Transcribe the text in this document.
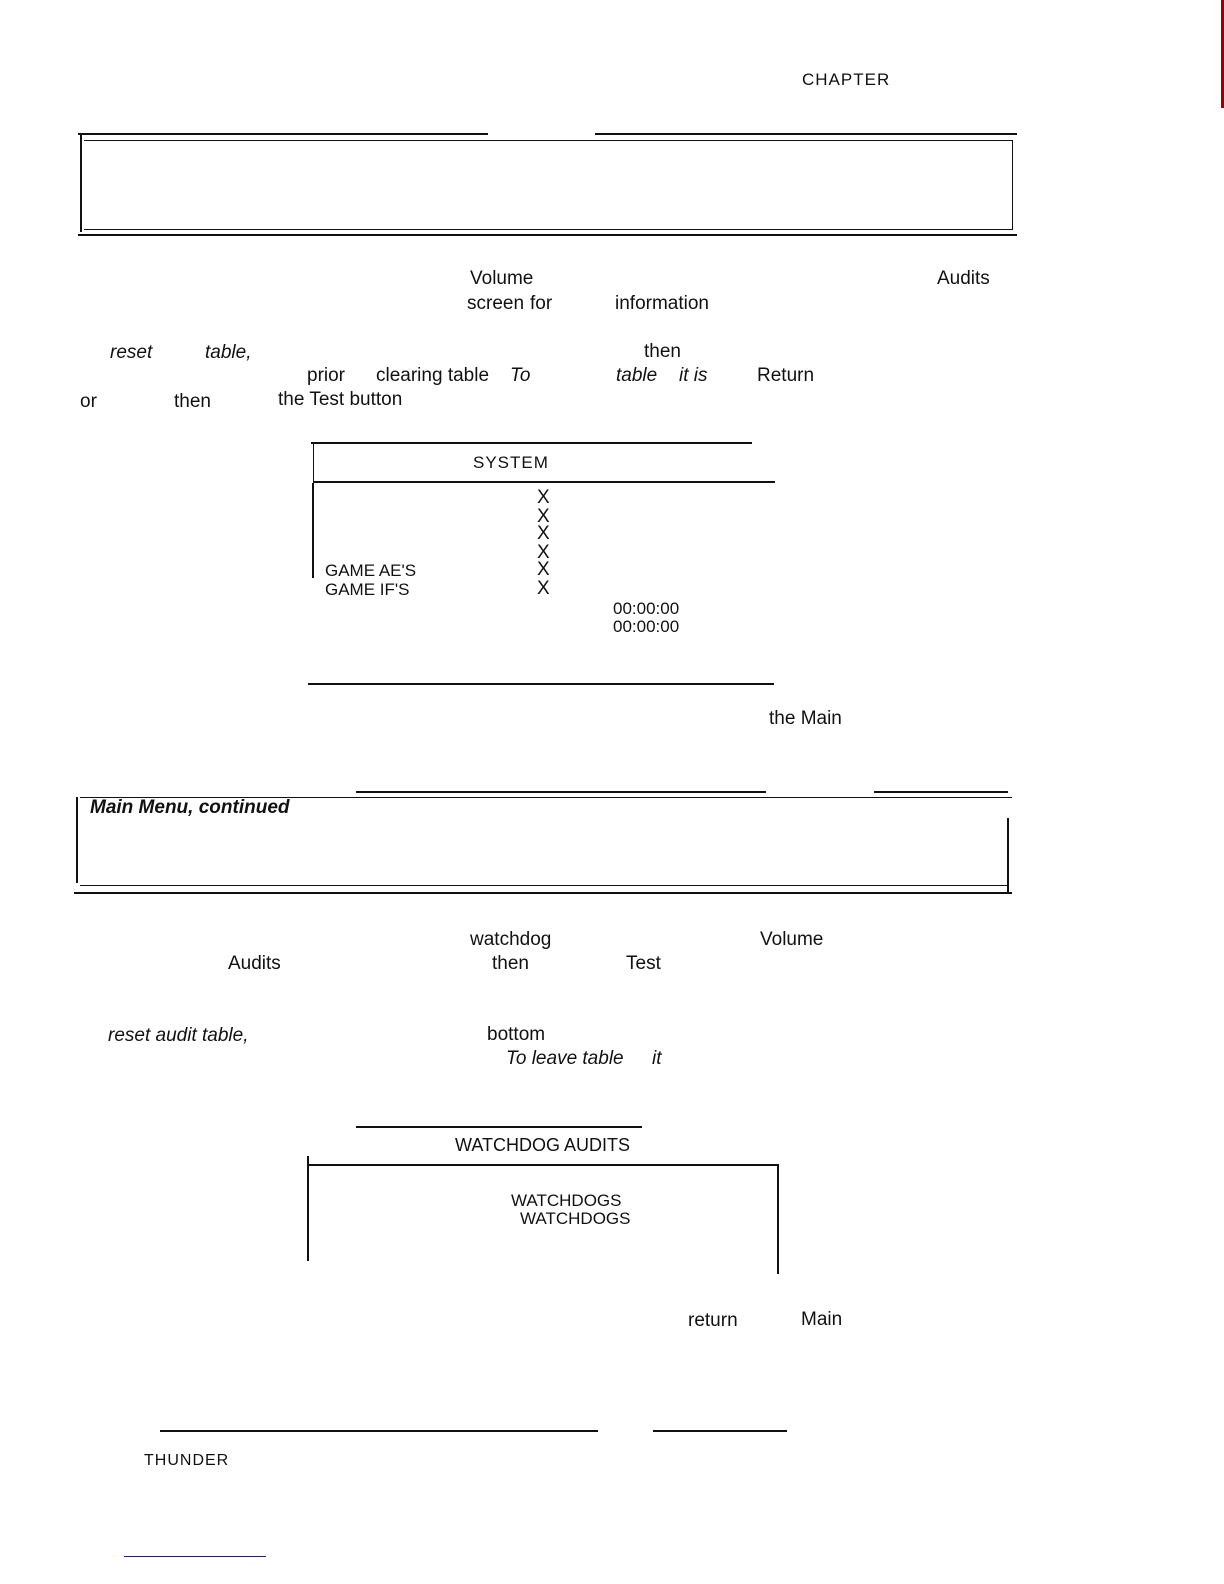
CHAPTER
Volume	Audits
screen for	information
reset	table,	then
prior clearing table To	table it is	Return
or	then	the Test button
SYSTEM
X
X
X
X
GAME AE'S	X
GAME IF'S	X
00:00:00
00:00:00
the Main
Main Menu, continued
watchdog	Volume
Audits	then	Test
reset audit table,	bottom
To leave table it
WATCHDOG AUDITS
WATCHDOGS
WATCHDOGS
return	Main
THUNDER
